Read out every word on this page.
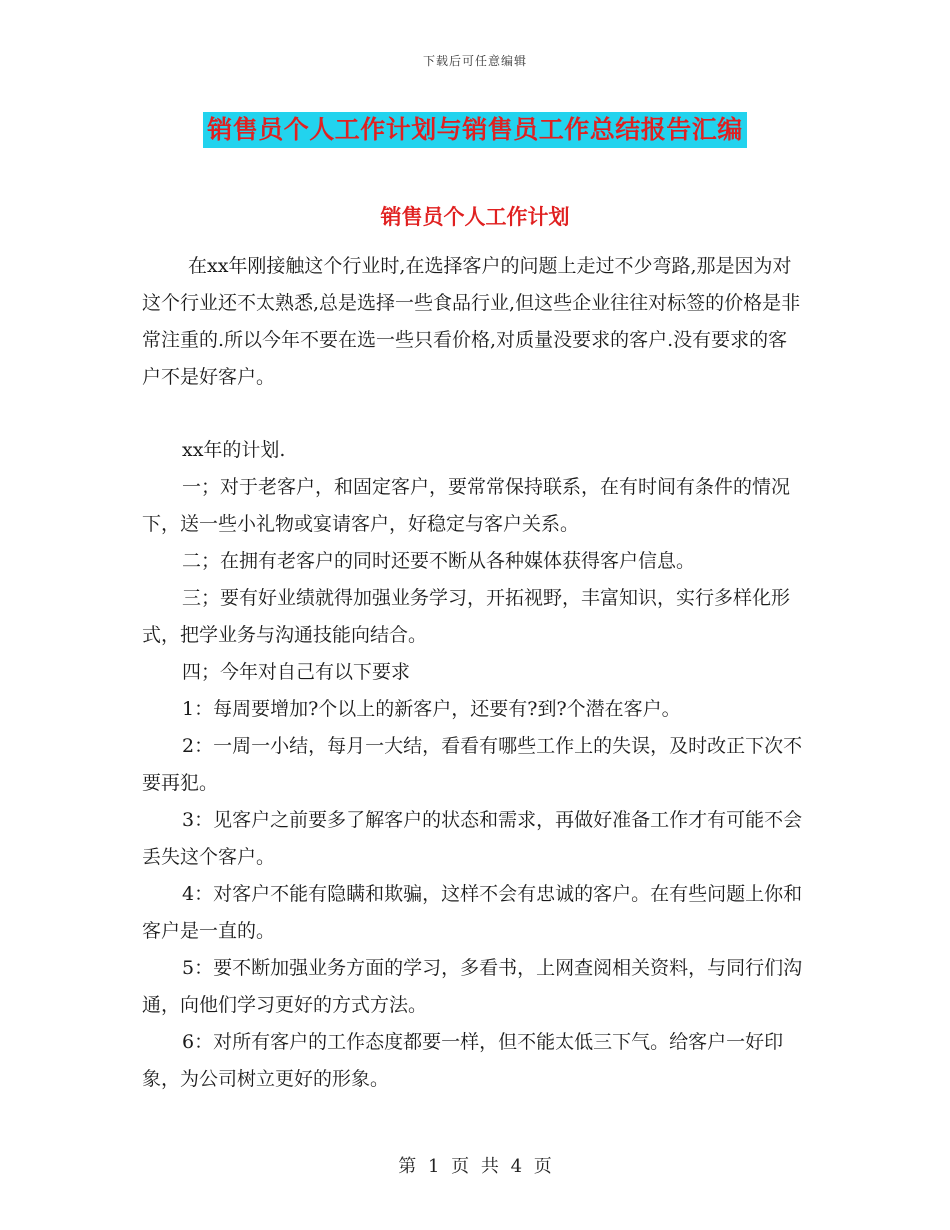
下载后可任意编辑
销售员个人工作计划与销售员工作总结报告汇编
销售员个人工作计划
在xx年刚接触这个行业时,在选择客户的问题上走过不少弯路,那是因为对这个行业还不太熟悉,总是选择一些食品行业,但这些企业往往对标签的价格是非常注重的.所以今年不要在选一些只看价格,对质量没要求的客户.没有要求的客户不是好客户。

xx年的计划.

一；对于老客户，和固定客户，要常常保持联系，在有时间有条件的情况下，送一些小礼物或宴请客户，好稳定与客户关系。

二；在拥有老客户的同时还要不断从各种媒体获得客户信息。

三；要有好业绩就得加强业务学习，开拓视野，丰富知识，实行多样化形式，把学业务与沟通技能向结合。

四；今年对自己有以下要求

1：每周要增加?个以上的新客户，还要有?到?个潜在客户。

2：一周一小结，每月一大结，看看有哪些工作上的失误，及时改正下次不要再犯。

3：见客户之前要多了解客户的状态和需求，再做好准备工作才有可能不会丢失这个客户。

4：对客户不能有隐瞒和欺骗，这样不会有忠诚的客户。在有些问题上你和客户是一直的。

5：要不断加强业务方面的学习，多看书，上网查阅相关资料，与同行们沟通，向他们学习更好的方式方法。

6：对所有客户的工作态度都要一样，但不能太低三下气。给客户一好印象，为公司树立更好的形象。

第 1 页 共 4 页
